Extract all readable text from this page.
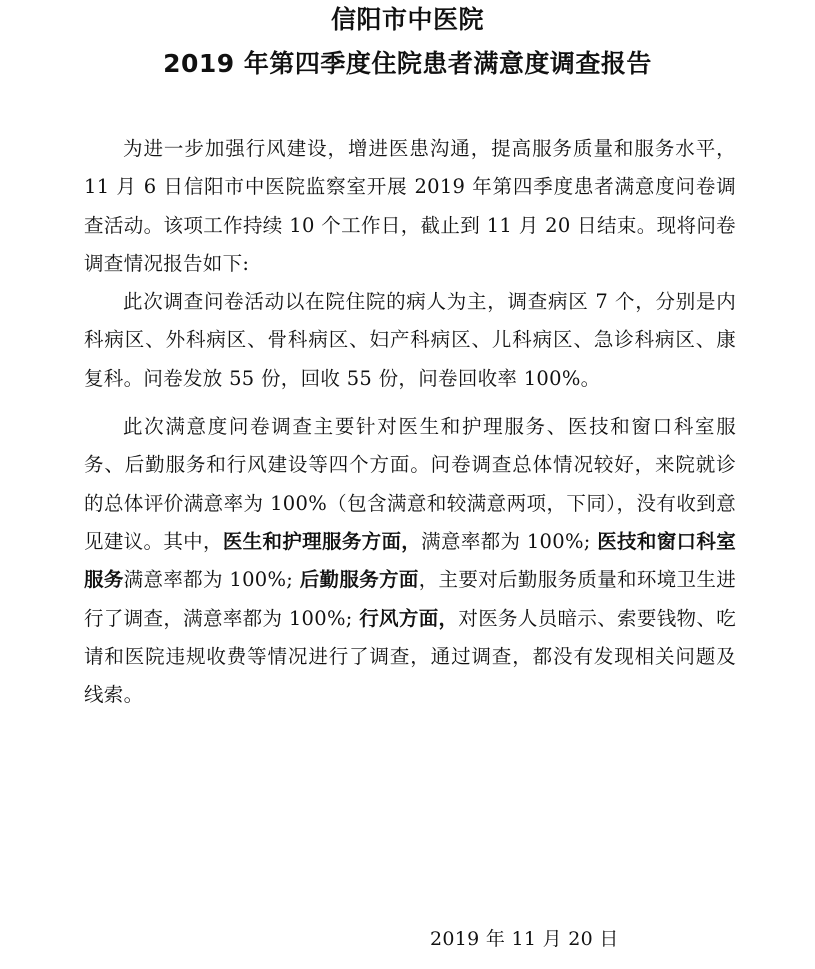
信阳市中医院
2019 年第四季度住院患者满意度调查报告

为进一步加强行风建设，增进医患沟通，提高服务质量和服务水平，11 月 6 日信阳市中医院监察室开展 2019 年第四季度患者满意度问卷调查活动。该项工作持续 10 个工作日，截止到 11 月 20 日结束。现将问卷调查情况报告如下:

此次调查问卷活动以在院住院的病人为主，调查病区 7 个，分别是内科病区、外科病区、骨科病区、妇产科病区、儿科病区、急诊科病区、康复科。问卷发放 55 份，回收 55 份，问卷回收率 100%。

此次满意度问卷调查主要针对医生和护理服务、医技和窗口科室服务、后勤服务和行风建设等四个方面。问卷调查总体情况较好，来院就诊的总体评价满意率为 100%（包含满意和较满意两项，下同），没有收到意见建议。其中，医生和护理服务方面，满意率都为 100%; 医技和窗口科室服务满意率都为 100%; 后勤服务方面，主要对后勤服务质量和环境卫生进行了调查，满意率都为 100%; 行风方面，对医务人员暗示、索要钱物、吃请和医院违规收费等情况进行了调查，通过调查，都没有发现相关问题及线索。

2019 年 11 月 20 日
